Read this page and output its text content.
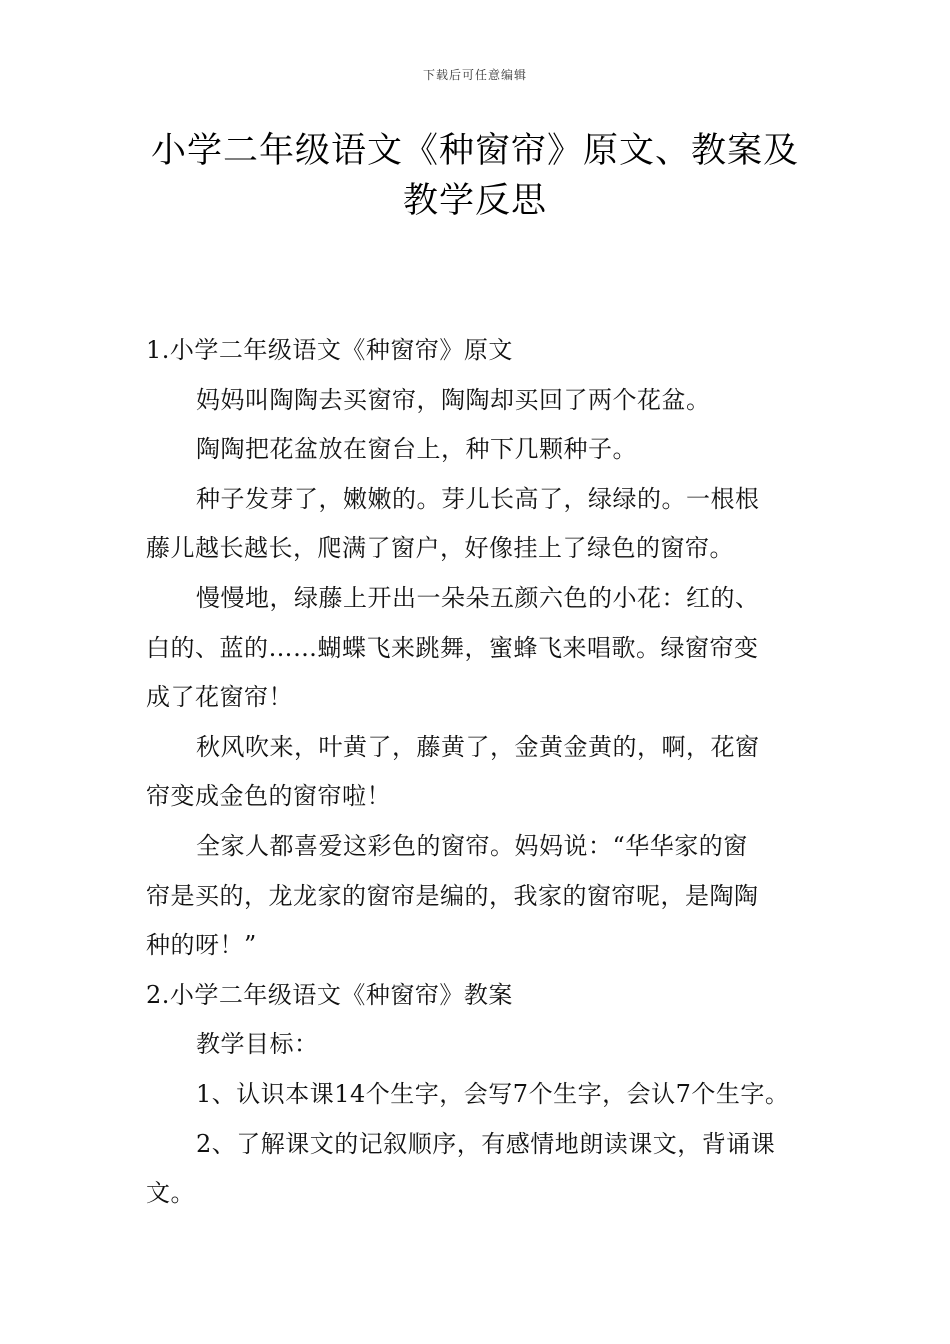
下载后可任意编辑
小学二年级语文《种窗帘》原文、教案及
教学反思
1.小学二年级语文《种窗帘》原文
妈妈叫陶陶去买窗帘，陶陶却买回了两个花盆。
陶陶把花盆放在窗台上，种下几颗种子。
种子发芽了，嫩嫩的。芽儿长高了，绿绿的。一根根
藤儿越长越长，爬满了窗户，好像挂上了绿色的窗帘。
慢慢地，绿藤上开出一朵朵五颜六色的小花：红的、
白的、蓝的……蝴蝶飞来跳舞，蜜蜂飞来唱歌。绿窗帘变
成了花窗帘！
秋风吹来，叶黄了，藤黄了，金黄金黄的，啊，花窗
帘变成金色的窗帘啦！
全家人都喜爱这彩色的窗帘。妈妈说：“华华家的窗
帘是买的，龙龙家的窗帘是编的，我家的窗帘呢，是陶陶
种的呀！”
2.小学二年级语文《种窗帘》教案
教学目标：
1、认识本课14个生字，会写7个生字，会认7个生字。
2、了解课文的记叙顺序，有感情地朗读课文，背诵课
文。
